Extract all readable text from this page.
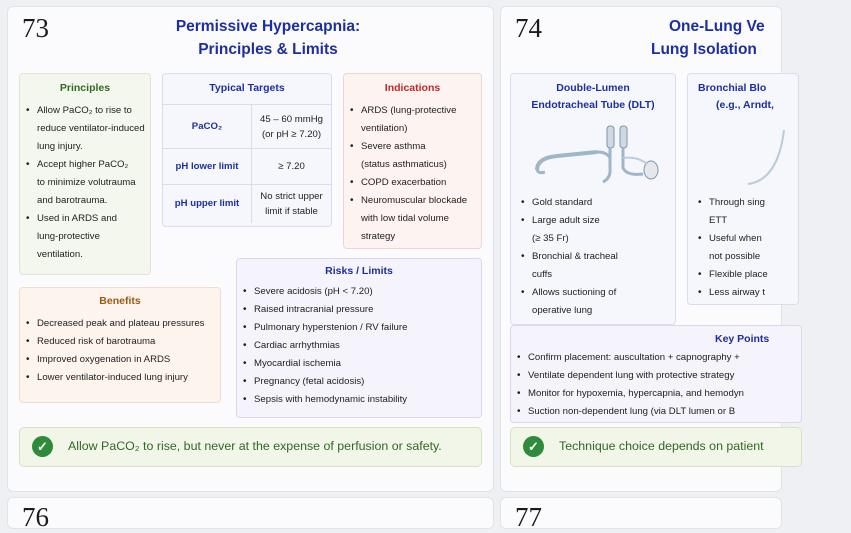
73	Permissive Hypercapnia:
Principles & Limits
Principles
• Allow PaCO₂ to rise to
reduce ventilator-induced
lung injury.
• Accept higher PaCO₂
to minimize volutrauma
and barotrauma.
• Used in ARDS and
lung-protective
ventilation.
Typical Targets
PaCO₂	45 – 60 mmHg
(or pH ≥ 7.20)

pH lower limit	≥ 7.20

pH upper limit	No strict upper
limit if stable
Indications
• ARDS (lung-protective
ventilation)
• Severe asthma
(status asthmaticus)
• COPD exacerbation
• Neuromuscular blockade
with low tidal volume
strategy
Benefits
• Decreased peak and plateau pressures
• Reduced risk of barotrauma
• Improved oxygenation in ARDS
• Lower ventilator-induced lung injury
Risks / Limits
• Severe acidosis (pH < 7.20)
• Raised intracranial pressure
• Pulmonary hyperstenion / RV failure
• Cardiac arrhythmias
• Myocardial ischemia
• Pregnancy (fetal acidosis)
• Sepsis with hemodynamic instability
✓	Allow PaCO₂ to rise, but never at the expense of perfusion or safety.
74	One-Lung Ve
Lung Isolation
Double-Lumen
Endotracheal Tube (DLT)
• Gold standard
• Large adult size
(≥ 35 Fr)
• Bronchial & tracheal
cuffs
• Allows suctioning of
operative lung
Bronchial Blo
(e.g., Arndt,
• Through sing
ETT
• Useful when
not possible
• Flexible place
• Less airway t
Key Points
• Confirm placement: auscultation + capnography +
• Ventilate dependent lung with protective strategy
• Monitor for hypoxemia, hypercapnia, and hemodyn
• Suction non-dependent lung (via DLT lumen or B
✓	Technique choice depends on patient
76	77
